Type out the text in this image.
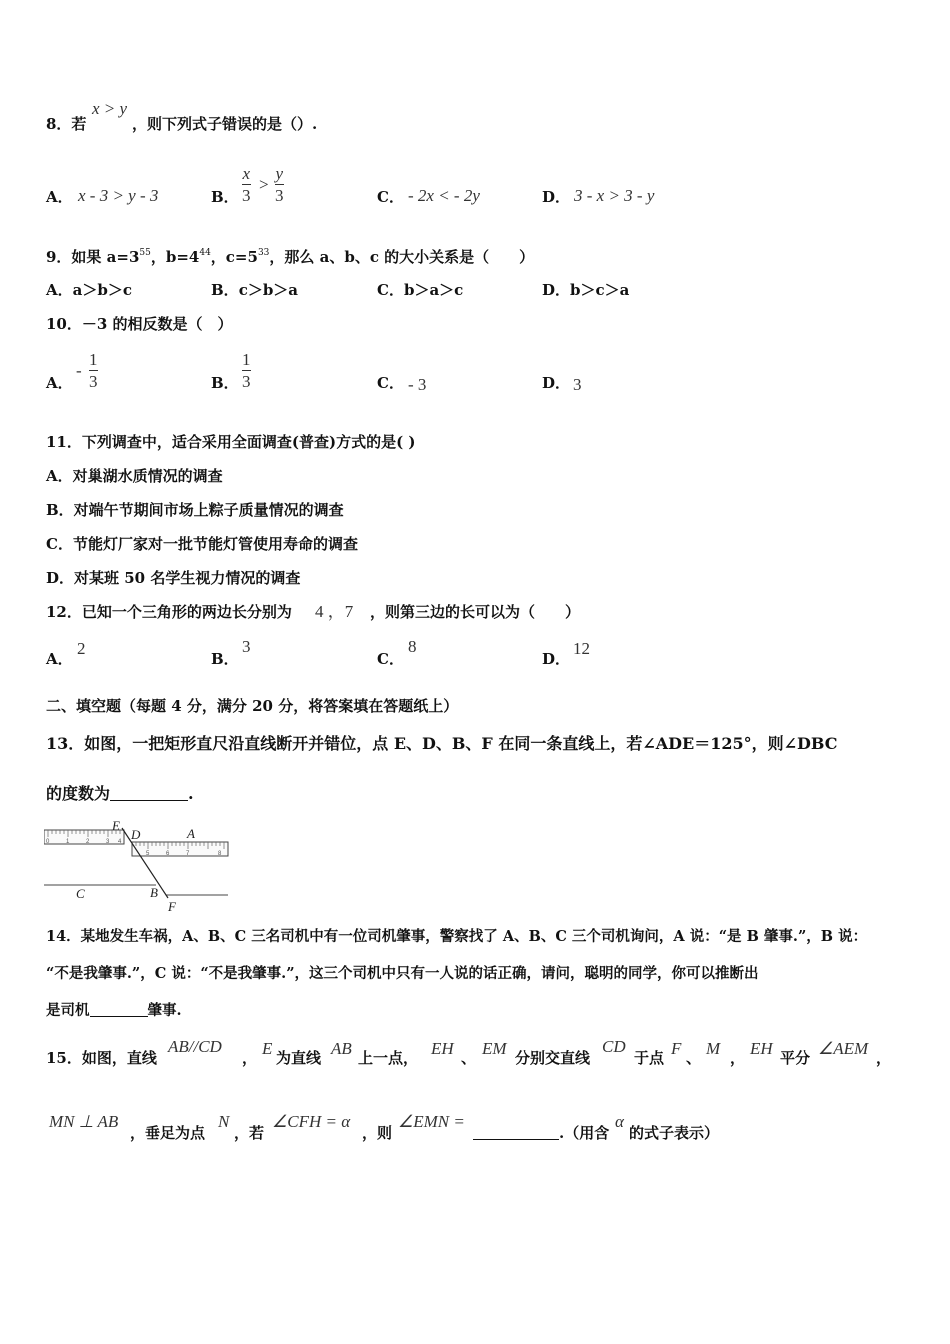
x > y
8．若	，则下列式子错误的是（）.
A． x - 3 > y - 3	B．
x
3
>
y
3	C． - 2x < - 2y	D． 3 - x > 3 - y
9．如果 $a=3^{55}$，$b=4^{44}$，$c=5^{33}$，那么 a、b、c 的大小关系是（　　）
A．a＞b＞c	B．c＞b＞a	C．b＞a＞c	D．b＞c＞a
10．－3 的相反数是（　）
A．
-
1
3	B．
1
3	C． - 3	D． 3
11．下列调查中，适合采用全面调查(普查)方式的是( )
A．对巢湖水质情况的调查
B．对端午节期间市场上粽子质量情况的调查
C．节能灯厂家对一批节能灯管使用寿命的调查
D．对某班 50 名学生视力情况的调查
12．已知一个三角形的两边长分别为 4 ，7 ，则第三边的长可以为（　　）
A．
2
B．
3
C．
8
D．
12
二、填空题（每题 4 分，满分 20 分，将答案填在答题纸上）
13．如图，一把矩形直尺沿直线断开并错位，点 E、D、B、F 在同一条直线上，若∠ADE＝125°，则∠DBC
的度数为	.
0	1	2	3 4
5	6	7	8
E
D	A
C	B
F
14．某地发生车祸，A、B、C 三名司机中有一位司机肇事，警察找了 A、B、C 三个司机询问，A 说：“是 B 肇事.”，B 说：
“不是我肇事.”，C 说：“不是我肇事.”，这三个司机中只有一人说的话正确，请问，聪明的同学，你可以推断出
是司机	肇事.
15．如图，直线
AB//CD
， E 为直线 AB 上一点， EH 、 EM 分别交直线
CD
于点 F 、 M ， EH 平分 ∠AEM ，
MN ⊥ AB
，垂足为点
N
，若
∠CFH = α
，则
∠EMN =
.（用含
α
的式子表示）
